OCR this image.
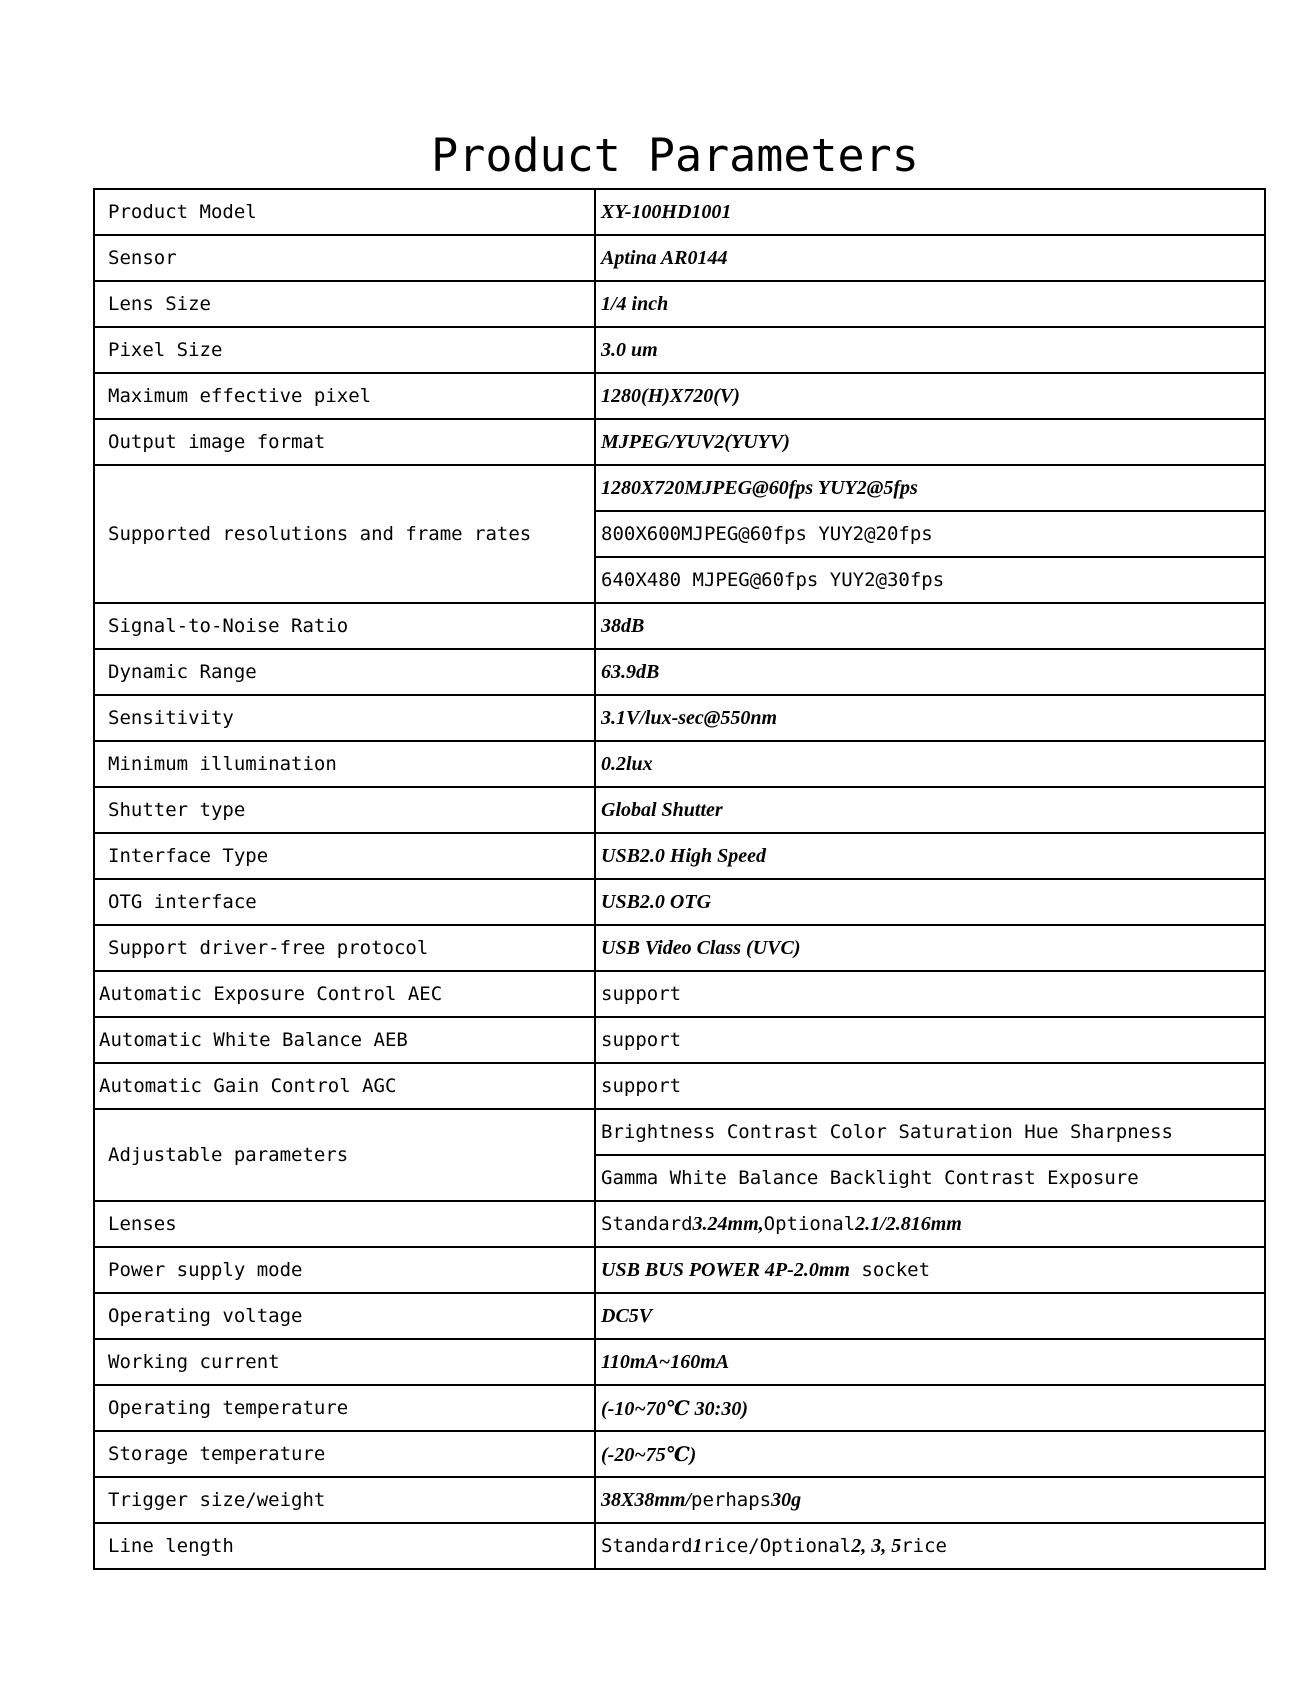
Product Parameters
Product Model	XY-100HD1001
Sensor	Aptina AR0144
Lens Size	1/4 inch
Pixel Size	3.0 um
Maximum effective pixel	1280(H)X720(V)
Output image format	MJPEG/YUV2(YUYV)
Supported resolutions and frame rates	1280X720MJPEG@60fps YUY2@5fps
	800X600MJPEG@60fps YUY2@20fps
	640X480 MJPEG@60fps YUY2@30fps
Signal-to-Noise Ratio	38dB
Dynamic Range	63.9dB
Sensitivity	3.1V/lux-sec@550nm
Minimum illumination	0.2lux
Shutter type	Global Shutter
Interface Type	USB2.0 High Speed
OTG interface	USB2.0 OTG
Support driver-free protocol	USB Video Class (UVC)
Automatic Exposure Control AEC	support
Automatic White Balance AEB	support
Automatic Gain Control AGC	support
Adjustable parameters	Brightness Contrast Color Saturation Hue Sharpness
	Gamma White Balance Backlight Contrast Exposure
Lenses	Standard3.24mm,Optional2.1/2.816mm
Power supply mode	USB BUS POWER 4P-2.0mm socket
Operating voltage	DC5V
Working current	110mA~160mA
Operating temperature	(-10~70℃ 30:30)
Storage temperature	(-20~75℃)
Trigger size/weight	38X38mm/perhaps30g
Line length	Standard1rice/Optional2, 3, 5rice
